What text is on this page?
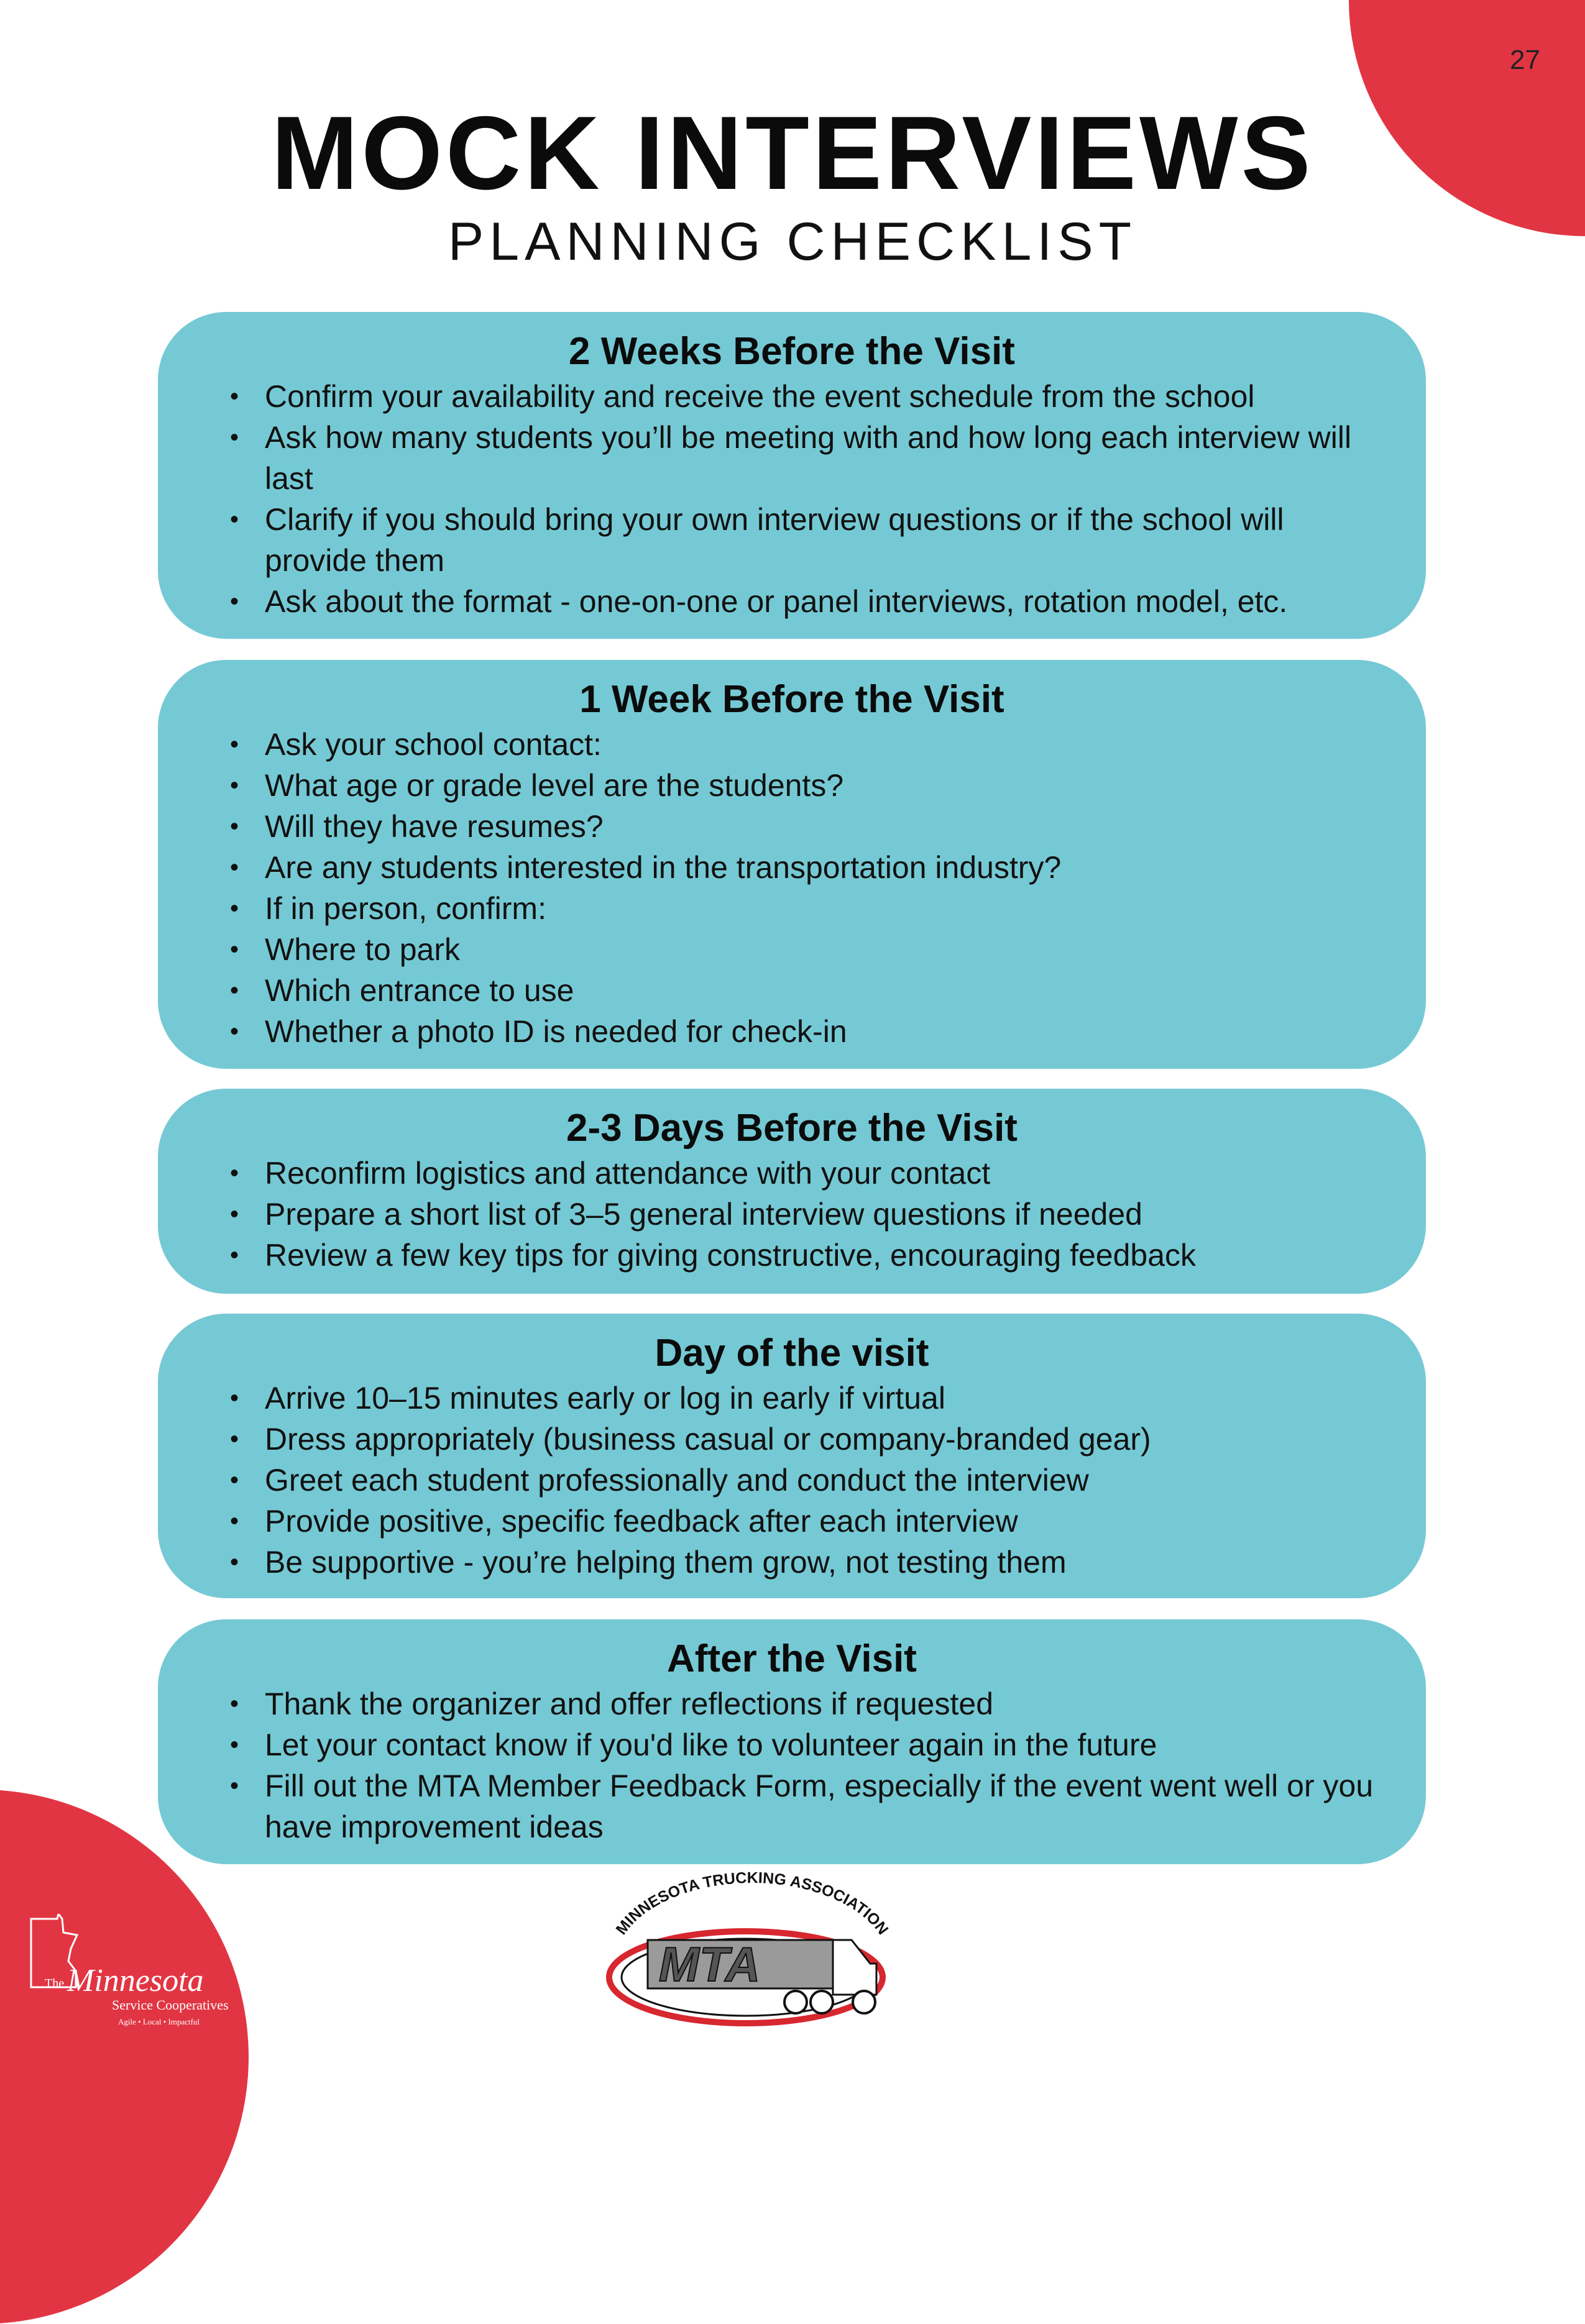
27
MOCK INTERVIEWS
PLANNING CHECKLIST
2 Weeks Before the Visit
• Confirm your availability and receive the event schedule from the school
• Ask how many students you’ll be meeting with and how long each interview will last
• Clarify if you should bring your own interview questions or if the school will provide them
• Ask about the format - one-on-one or panel interviews, rotation model, etc.
1 Week Before the Visit
• Ask your school contact:
• What age or grade level are the students?
• Will they have resumes?
• Are any students interested in the transportation industry?
• If in person, confirm:
• Where to park
• Which entrance to use
• Whether a photo ID is needed for check-in
2-3 Days Before the Visit
• Reconfirm logistics and attendance with your contact
• Prepare a short list of 3–5 general interview questions if needed
• Review a few key tips for giving constructive, encouraging feedback
Day of the visit
• Arrive 10–15 minutes early or log in early if virtual
• Dress appropriately (business casual or company-branded gear)
• Greet each student professionally and conduct the interview
• Provide positive, specific feedback after each interview
• Be supportive - you’re helping them grow, not testing them
After the Visit
• Thank the organizer and offer reflections if requested
• Let your contact know if you'd like to volunteer again in the future
• Fill out the MTA Member Feedback Form, especially if the event went well or you have improvement ideas
The Minnesota
Service Cooperatives
Agile • Local • Impactful
MINNESOTA TRUCKING ASSOCIATION
MTA
